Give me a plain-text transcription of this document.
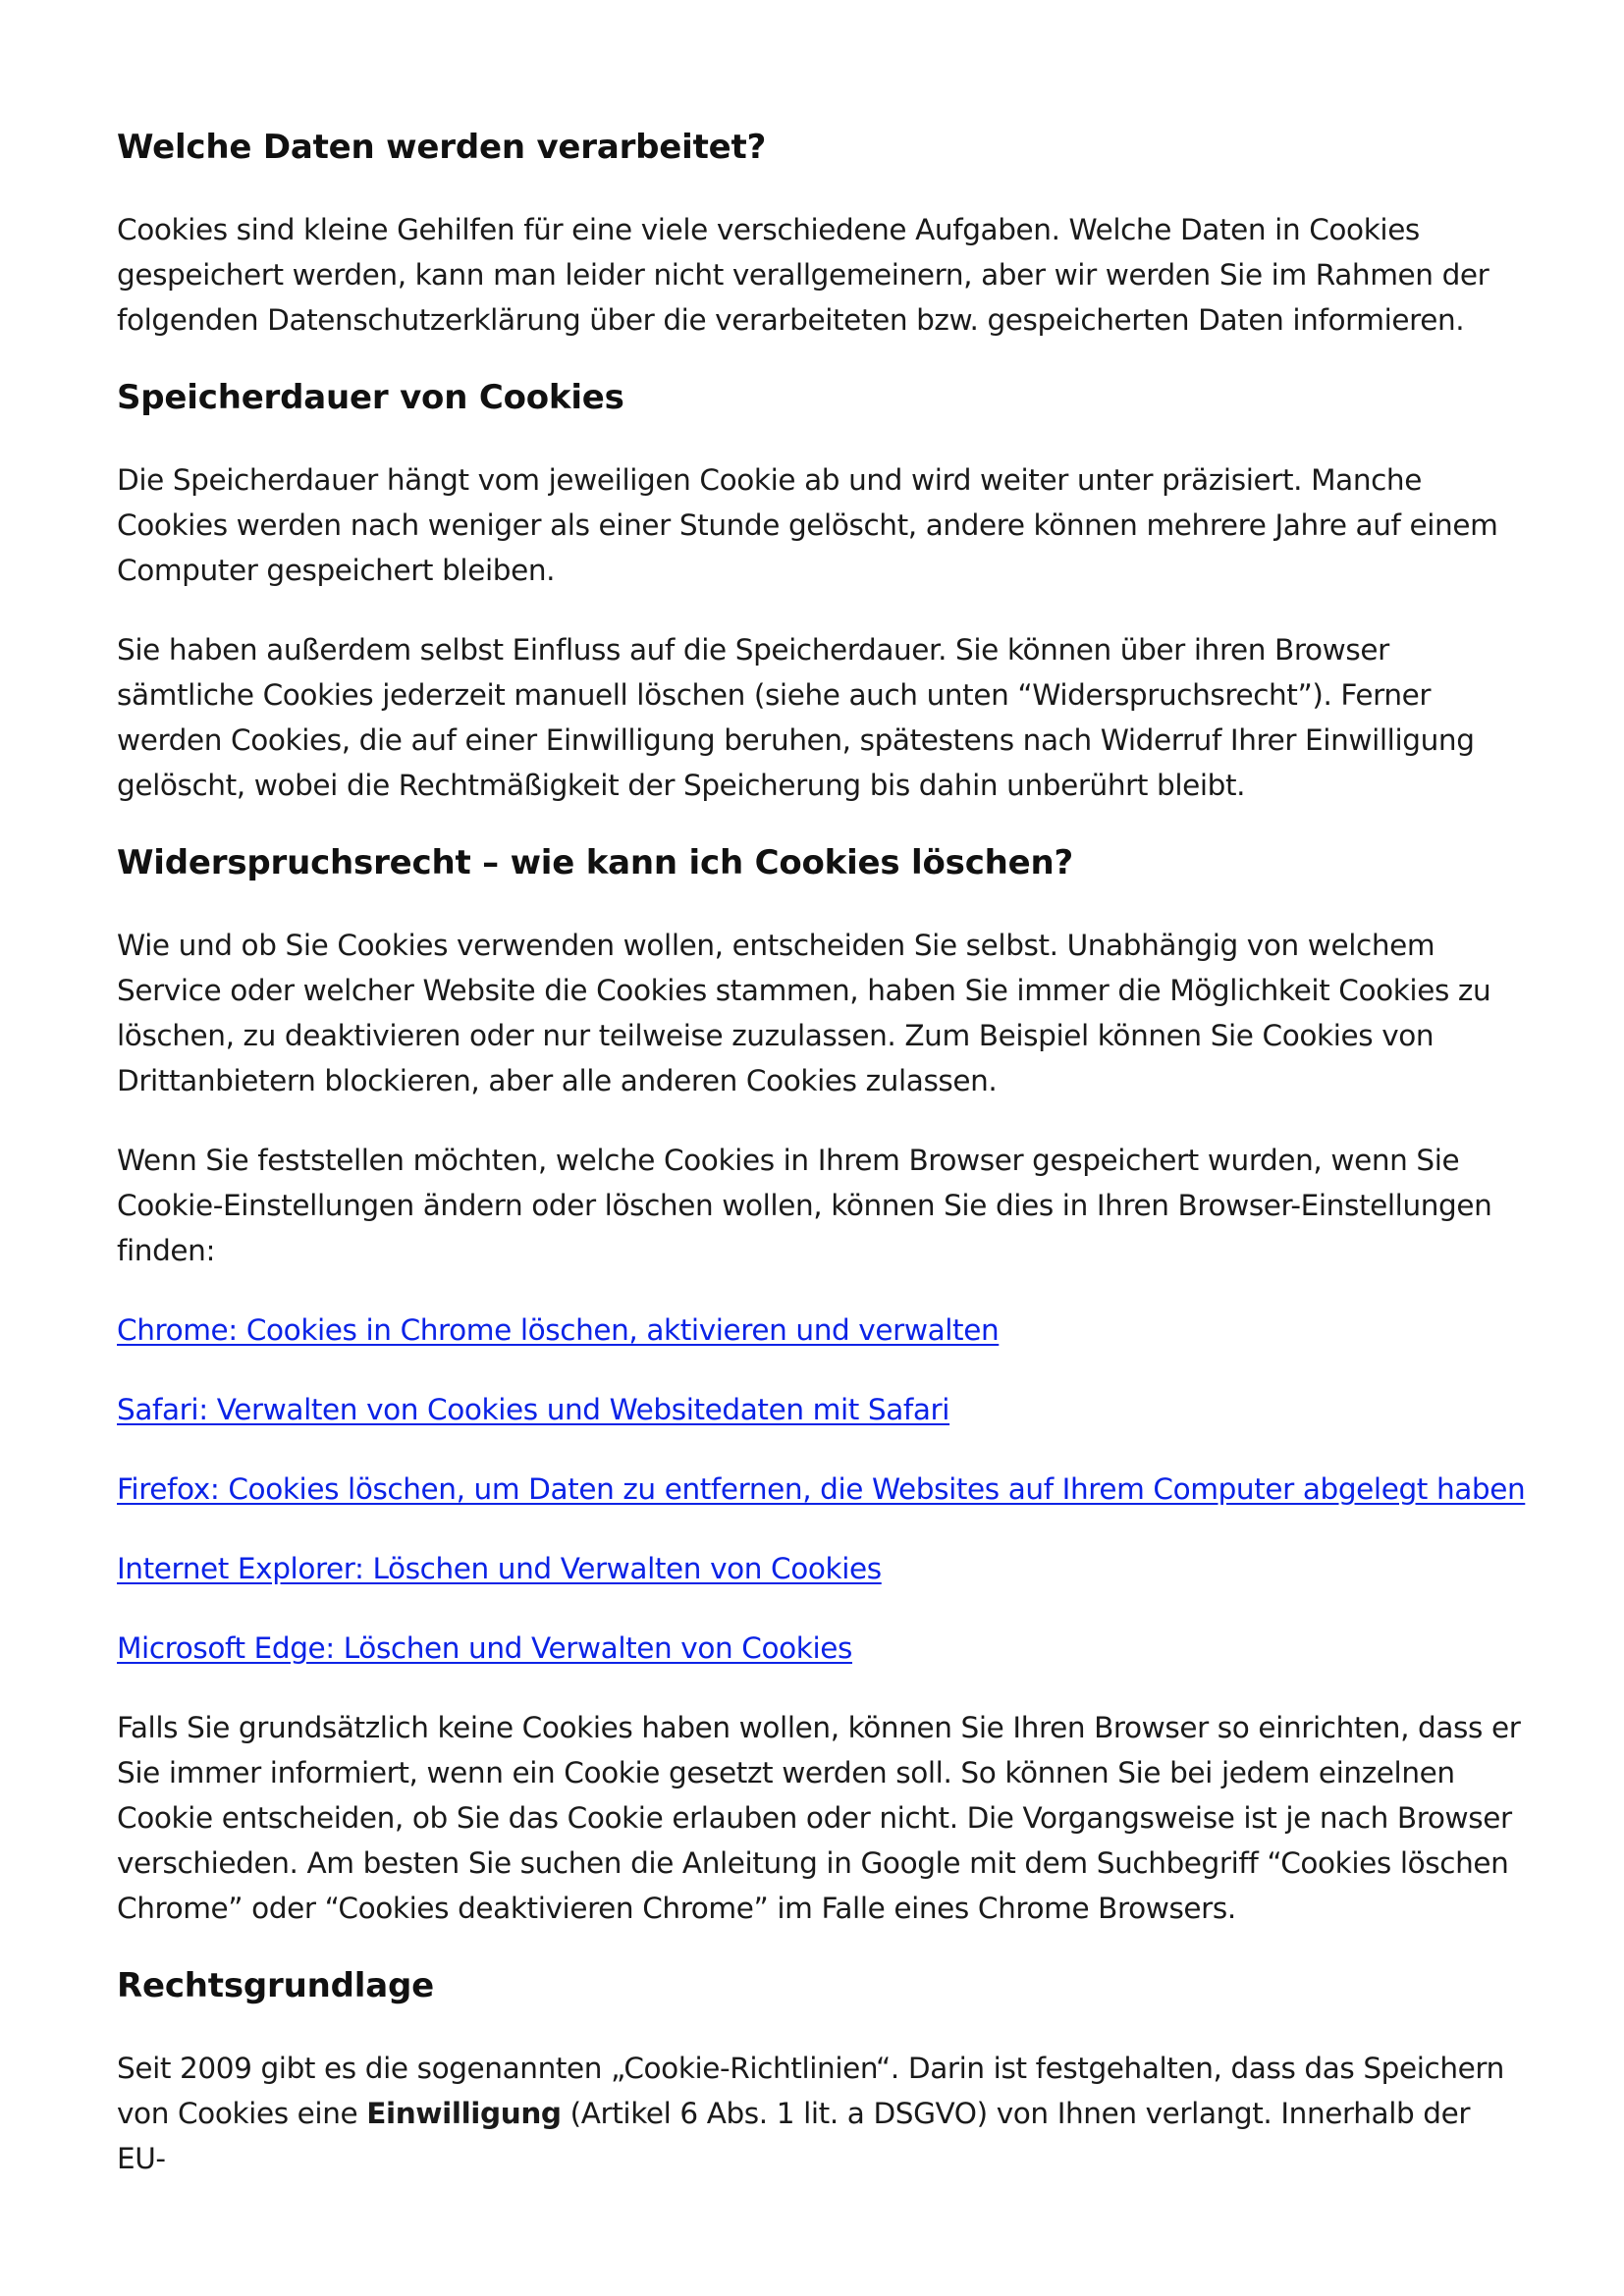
Welche Daten werden verarbeitet?

Cookies sind kleine Gehilfen für eine viele verschiedene Aufgaben. Welche Daten in Cookies gespeichert werden, kann man leider nicht verallgemeinern, aber wir werden Sie im Rahmen der folgenden Datenschutzerklärung über die verarbeiteten bzw. gespeicherten Daten informieren.

Speicherdauer von Cookies

Die Speicherdauer hängt vom jeweiligen Cookie ab und wird weiter unter präzisiert. Manche Cookies werden nach weniger als einer Stunde gelöscht, andere können mehrere Jahre auf einem Computer gespeichert bleiben.

Sie haben außerdem selbst Einfluss auf die Speicherdauer. Sie können über ihren Browser sämtliche Cookies jederzeit manuell löschen (siehe auch unten “Widerspruchsrecht”). Ferner werden Cookies, die auf einer Einwilligung beruhen, spätestens nach Widerruf Ihrer Einwilligung gelöscht, wobei die Rechtmäßigkeit der Speicherung bis dahin unberührt bleibt.

Widerspruchsrecht – wie kann ich Cookies löschen?

Wie und ob Sie Cookies verwenden wollen, entscheiden Sie selbst. Unabhängig von welchem Service oder welcher Website die Cookies stammen, haben Sie immer die Möglichkeit Cookies zu löschen, zu deaktivieren oder nur teilweise zuzulassen. Zum Beispiel können Sie Cookies von Drittanbietern blockieren, aber alle anderen Cookies zulassen.

Wenn Sie feststellen möchten, welche Cookies in Ihrem Browser gespeichert wurden, wenn Sie Cookie-Einstellungen ändern oder löschen wollen, können Sie dies in Ihren Browser-Einstellungen finden:

Chrome: Cookies in Chrome löschen, aktivieren und verwalten
Safari: Verwalten von Cookies und Websitedaten mit Safari
Firefox: Cookies löschen, um Daten zu entfernen, die Websites auf Ihrem Computer abgelegt haben
Internet Explorer: Löschen und Verwalten von Cookies
Microsoft Edge: Löschen und Verwalten von Cookies

Falls Sie grundsätzlich keine Cookies haben wollen, können Sie Ihren Browser so einrichten, dass er Sie immer informiert, wenn ein Cookie gesetzt werden soll. So können Sie bei jedem einzelnen Cookie entscheiden, ob Sie das Cookie erlauben oder nicht. Die Vorgangsweise ist je nach Browser verschieden. Am besten Sie suchen die Anleitung in Google mit dem Suchbegriff “Cookies löschen Chrome” oder “Cookies deaktivieren Chrome” im Falle eines Chrome Browsers.

Rechtsgrundlage

Seit 2009 gibt es die sogenannten „Cookie-Richtlinien“. Darin ist festgehalten, dass das Speichern von Cookies eine Einwilligung (Artikel 6 Abs. 1 lit. a DSGVO) von Ihnen verlangt. Innerhalb der EU-
